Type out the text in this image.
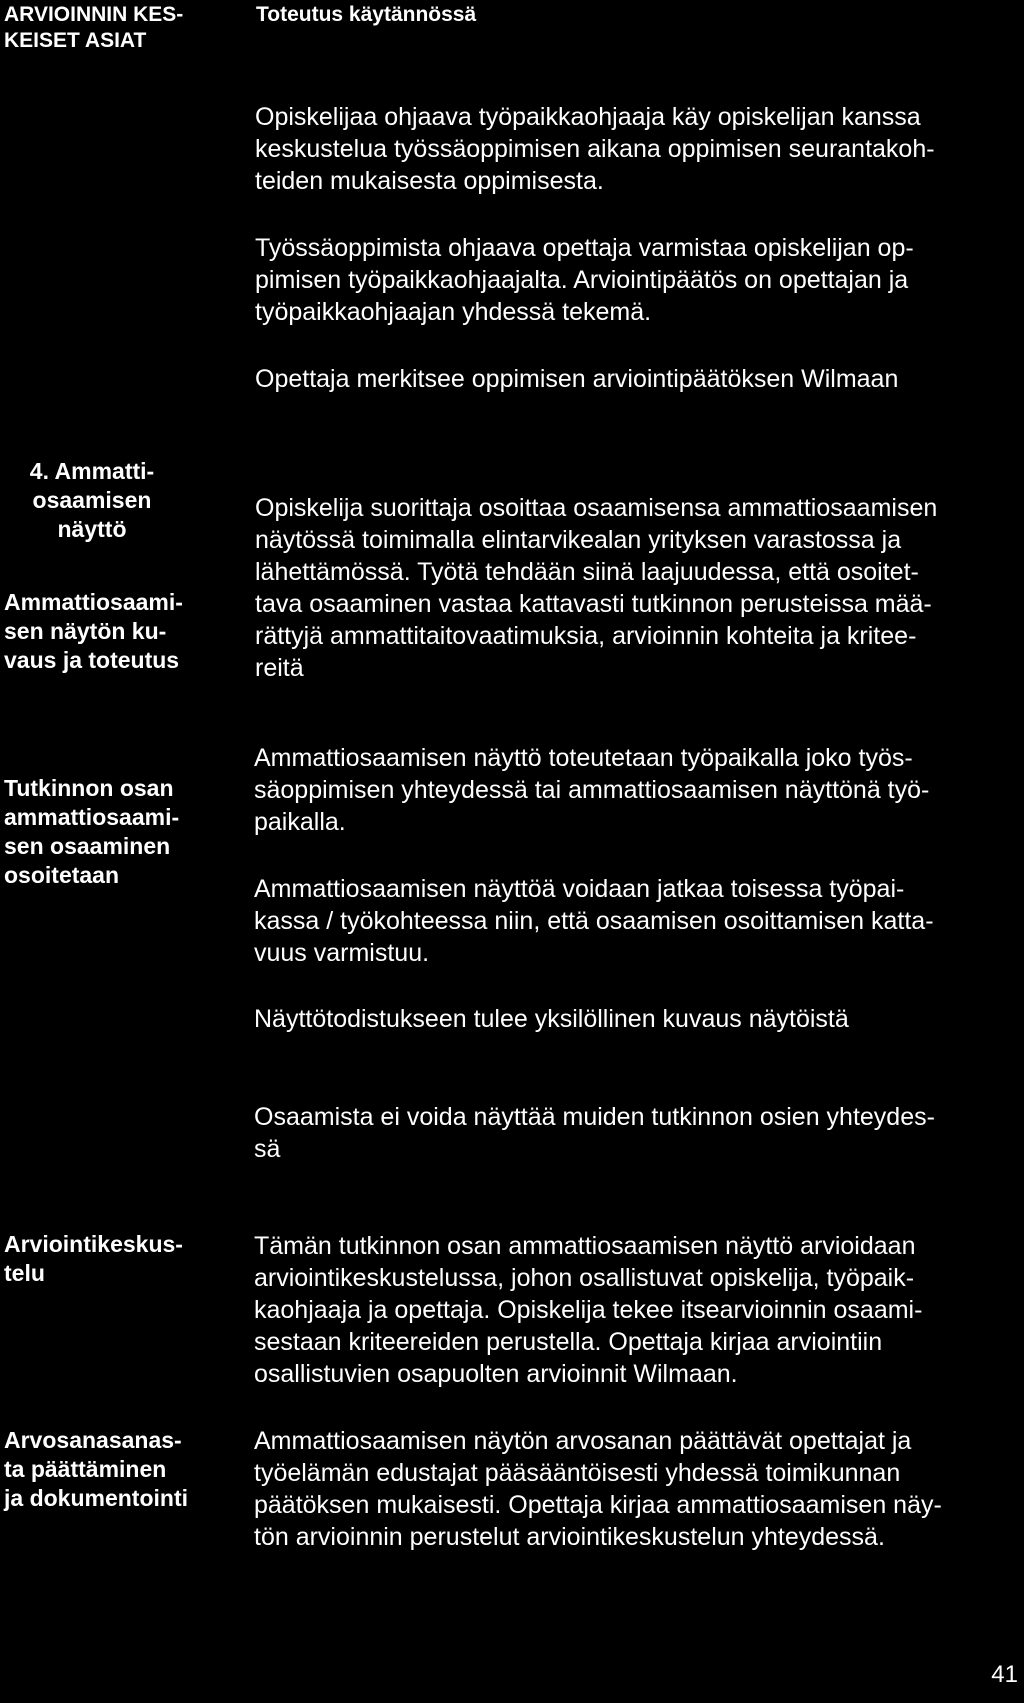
ARVIOINNIN KES-
KEISET ASIAT
Toteutus käytännössä

Opiskelijaa ohjaava työpaikkaohjaaja käy opiskelijan kanssa
keskustelua työssäoppimisen aikana oppimisen seurantakoh-
teiden mukaisesta oppimisesta.

Työssäoppimista ohjaava opettaja varmistaa opiskelijan op-
pimisen työpaikkaohjaajalta. Arviointipäätös on opettajan ja
työpaikkaohjaajan yhdessä tekemä.

Opettaja merkitsee oppimisen arviointipäätöksen Wilmaan

4. Ammatti-
osaamisen
näyttö
Ammattiosaami-
sen näytön ku-
vaus ja toteutus

Opiskelija suorittaja osoittaa osaamisensa ammattiosaamisen
näytössä toimimalla elintarvikealan yrityksen varastossa ja
lähettämössä. Työtä tehdään siinä laajuudessa, että osoitet-
tava osaaminen vastaa kattavasti tutkinnon perusteissa mää-
rättyjä ammattitaitovaatimuksia, arvioinnin kohteita ja kritee-
reitä

Tutkinnon osan
ammattiosaami-
sen osaaminen
osoitetaan

Ammattiosaamisen näyttö toteutetaan työpaikalla joko työs-
säoppimisen yhteydessä tai ammattiosaamisen näyttönä työ-
paikalla.

Ammattiosaamisen näyttöä voidaan jatkaa toisessa työpai-
kassa / työkohteessa niin, että osaamisen osoittamisen katta-
vuus varmistuu.

Näyttötodistukseen tulee yksilöllinen kuvaus näytöistä

Osaamista ei voida näyttää muiden tutkinnon osien yhteydes-
sä

Arviointikeskus-
telu

Tämän tutkinnon osan ammattiosaamisen näyttö arvioidaan
arviointikeskustelussa, johon osallistuvat opiskelija, työpaik-
kaohjaaja ja opettaja. Opiskelija tekee itsearvioinnin osaami-
sestaan kriteereiden perustella. Opettaja kirjaa arviointiin
osallistuvien osapuolten arvioinnit Wilmaan.

Arvosanasanas-
ta päättäminen
ja dokumentointi

Ammattiosaamisen näytön arvosanan päättävät opettajat ja
työelämän edustajat pääsääntöisesti yhdessä toimikunnan
päätöksen mukaisesti. Opettaja kirjaa ammattiosaamisen näy-
tön arvioinnin perustelut arviointikeskustelun yhteydessä.

41
